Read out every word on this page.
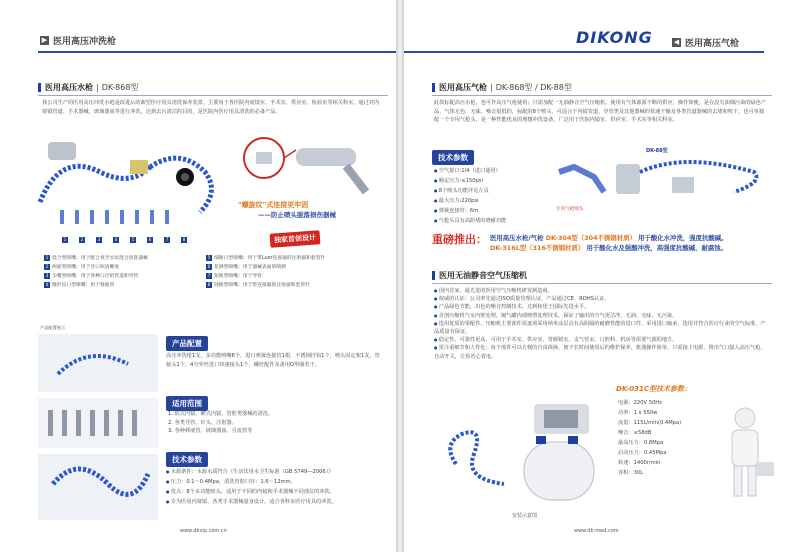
▶ 医用高压冲洗枪
医用高压水枪 | DK-868型
我公司生产的医用高压冲洗水枪是改进后的新型医疗用具清洗保养装置。主要用于各医院内窥镜室、手术室、供应室、检验室等相关科室。通过对内窥镜管道、手术器械、玻璃器皿等进行冲洗，达到去污清洁的目的，是医院内医疗用具清洗的必备产品。
1	2	3	4	5	6	7	8
"螺旋纹"式连接更牢固
——防止喷头脱落损伤器械
独家首创设计
1 混合型喷嘴：用于配合真空水泵混合清洗器械
2 两面型喷嘴：用于牙口吹清晰度
3 尖嘴型喷嘴：用于各种口径的管道和导管
4 锥形直口型喷嘴：用于移液管
5 细锥口型喷嘴：用于带Luer连接器的注射器和套管针
6 花洒型喷嘴：用于器械表面的喷洒
7 短锥型喷嘴：用于导管
8 钝锥型喷嘴：用于带连接器的注射器和套管针
产品配置展示
产品配置
高压冲洗枪1支，多功能喷嘴8个，进口弹簧连接管1根，不锈钢挂钩1个，喷头固定架1支，管接头1个，4分外丝进口快速接头1个，螺丝配件及备用O形圈若干。
适用范围
1. 软式内镜、硬式内镜、管腔类器械的清洗。
2. 各类导管、针头、注射器。
3. 各种移液管、玻璃器皿、引流管等
技术参数
● 水源条件：水源水质符合《生活饮用水卫生标准（GB 5749—2006）》
● 压力：0.1～0.4Mpa，清洗管腔口径：1.6～12mm。
● 优点：8个多功能喷头，适用于不同的内镜和手术器械不同部位的冲洗。
● 专为医用内窥镜、各类手术器械量身设计，适合各科室医疗用具的冲洗。
www.dkvip.com.cn
DIKONG	◀ 医用高压气枪
医用高压气枪 | DK-868型 / DK-88型
此款标配高压水枪，也可作高压气枪使用；只需加配一无油静音空气压缩机，使用有气体源源不断的供应，操作简便，是在没有油烟污染的绿色产品，气体无色、无味、噪音很低的，标配的8个喷头，可适合于内镜管道、导管类及其他器械的快速干燥及各类管道器械的去堵和吹干，也可单独配一个专用气枪头，是一种性能优良的理想冲洗设备，广泛用于医院内镜室、供应室、手术室等相关科室。
技术参数
● 空气接口:1/4（进口通用）
● 额定压力:≤150psi
● 8个喷头功能详见左页
● 最大压力:220psi
● 弹簧连接管：6m
● 气枪头具有高防堵的增耐功能
DK-88型
专用气枪喷头
重磅推出： 医用高压水枪/气枪 DK-304型（304不锈钢材质） 用于酸化水冲洗，强度抗酸碱。
DK-316L型（316不锈钢材质） 用于酸化水及强酸冲洗，高强度抗酸碱、耐腐蚀。
医用无油静音空气压缩机
● 国内首家，最先进的医用空气压缩机研发制造商。
● 权威的认证：公司率先通过ISO质量管理认证，产品通过CE、ROHS认证。
● 产品绿色节能，出色的噪音控制技术，达到和优于国际先进水平。
● 首创压缩机气室内壁处理，镀气罐内部喷塑处理技术，保证了输出的空气更洁净、无油、无味、无污染。
● 选用优质的零配件，压缩机主要部件需逐项采用纳米涂层具有高阻隔的耐磨性能的进口件，采用进口轴承，选用并符合医疗行业的空气标准，产品质量有保证。
● 稳定性、可靠性更高，可用于手术室、供应室、胃肠镜室、支气管室、口腔科、机房等需要气源的地方。
● 更注重细节和人性化：每个部件可以方便的自由拆换，便于长时间使用后的维护保养，机器操作简单，只需接上电源，将出气口接入高压气枪，自动开关，让你省心省电。
安装示意图
DK-031C型技术参数：
电源：220V 50Hz
功率：1 x 550w
流量：115L/min(0.4Mpa)
噪音：≤58dB
最高压力：0.8Mpa
启动压力：0.45Mpa
转速：1400r/min
容积：30L
www.dk-med.com
